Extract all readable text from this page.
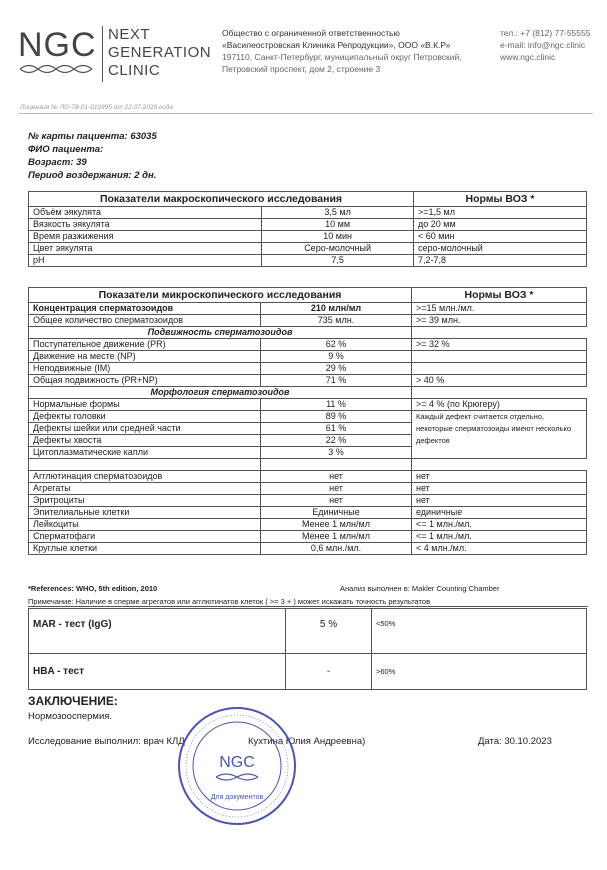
NGC NEXT
GENERATION
CLINIC
Общество с ограниченной ответственностью
«Василеостровская Клиника Репродукции», ООО «В.К.Р»
197110, Санкт-Петербург, муниципальный округ Петровский,
Петровский проспект, дом 2, строение 3
тел.: +7 (812) 77-55555
e-mail: info@ngc.clinic
www.ngc.clinic
Лицензия № ЛО-78-01-010995 от 22.07.2020 года
№ карты пациента: 63035
ФИО пациента:
Возраст: 39
Период воздержания: 2 дн.
Показатели макроскопического исследования		Нормы ВОЗ *
Объём эякулята	3,5 мл	>=1,5 мл
Вязкость эякулята	10 мм	до 20 мм
Время разжижения	10 мин	< 60 мин
Цвет эякулята	Серо-молочный	серо-молочный
pH	7,5	7,2-7,8
Показатели микроскопического исследования		Нормы ВОЗ *
Концентрация сперматозоидов	210 млн/мл	>=15 млн./мл.
Общее количество сперматозоидов	735 млн.	>= 39 млн.
Подвижность сперматозоидов		
Поступательное движение (PR)	62 %	>= 32 %
Движение на месте (NP)	9 %	
Неподвижные (IM)	29 %	
Общая подвижность (PR+NP)	71 %	> 40 %
Морфология сперматозоидов		
Нормальные формы	11 %	>= 4 % (по Крюгеру)
Дефекты головки	89 %	Каждый дефект считается отдельно, некоторые сперматозоиды имеют несколько дефектов
Дефекты шейки или средней части	61 %	
Дефекты хвоста	22 %	
Цитоплазматические капли	3 %	

Агглютинация сперматозоидов	нет	нет
Агрегаты	нет	нет
Эритроциты	нет	нет
Эпителиальные клетки	Единичные	единичные
Лейкоциты	Менее 1 млн/мл	<= 1 млн./мл.
Сперматофаги	Менее 1 млн/мл	<= 1 млн./мл.
Круглые клетки	0,6 млн./мл.	< 4 млн./мл.
*References: WHO, 5th edition, 2010	Анализ выполнен в: Makler Counting Chamber
Примечание: Наличие в сперме агрегатов или агглютинатов клеток ( >= 3 + ) может искажать точность результатов
MAR - тест (IgG)	5 %	<50%
HBA - тест	-	>60%
ЗАКЛЮЧЕНИЕ:
Нормозооспермия.
Исследование выполнил: врач КЛД	Кухтина Юлия Андреевна)	Дата: 30.10.2023
NGC
Для документов
